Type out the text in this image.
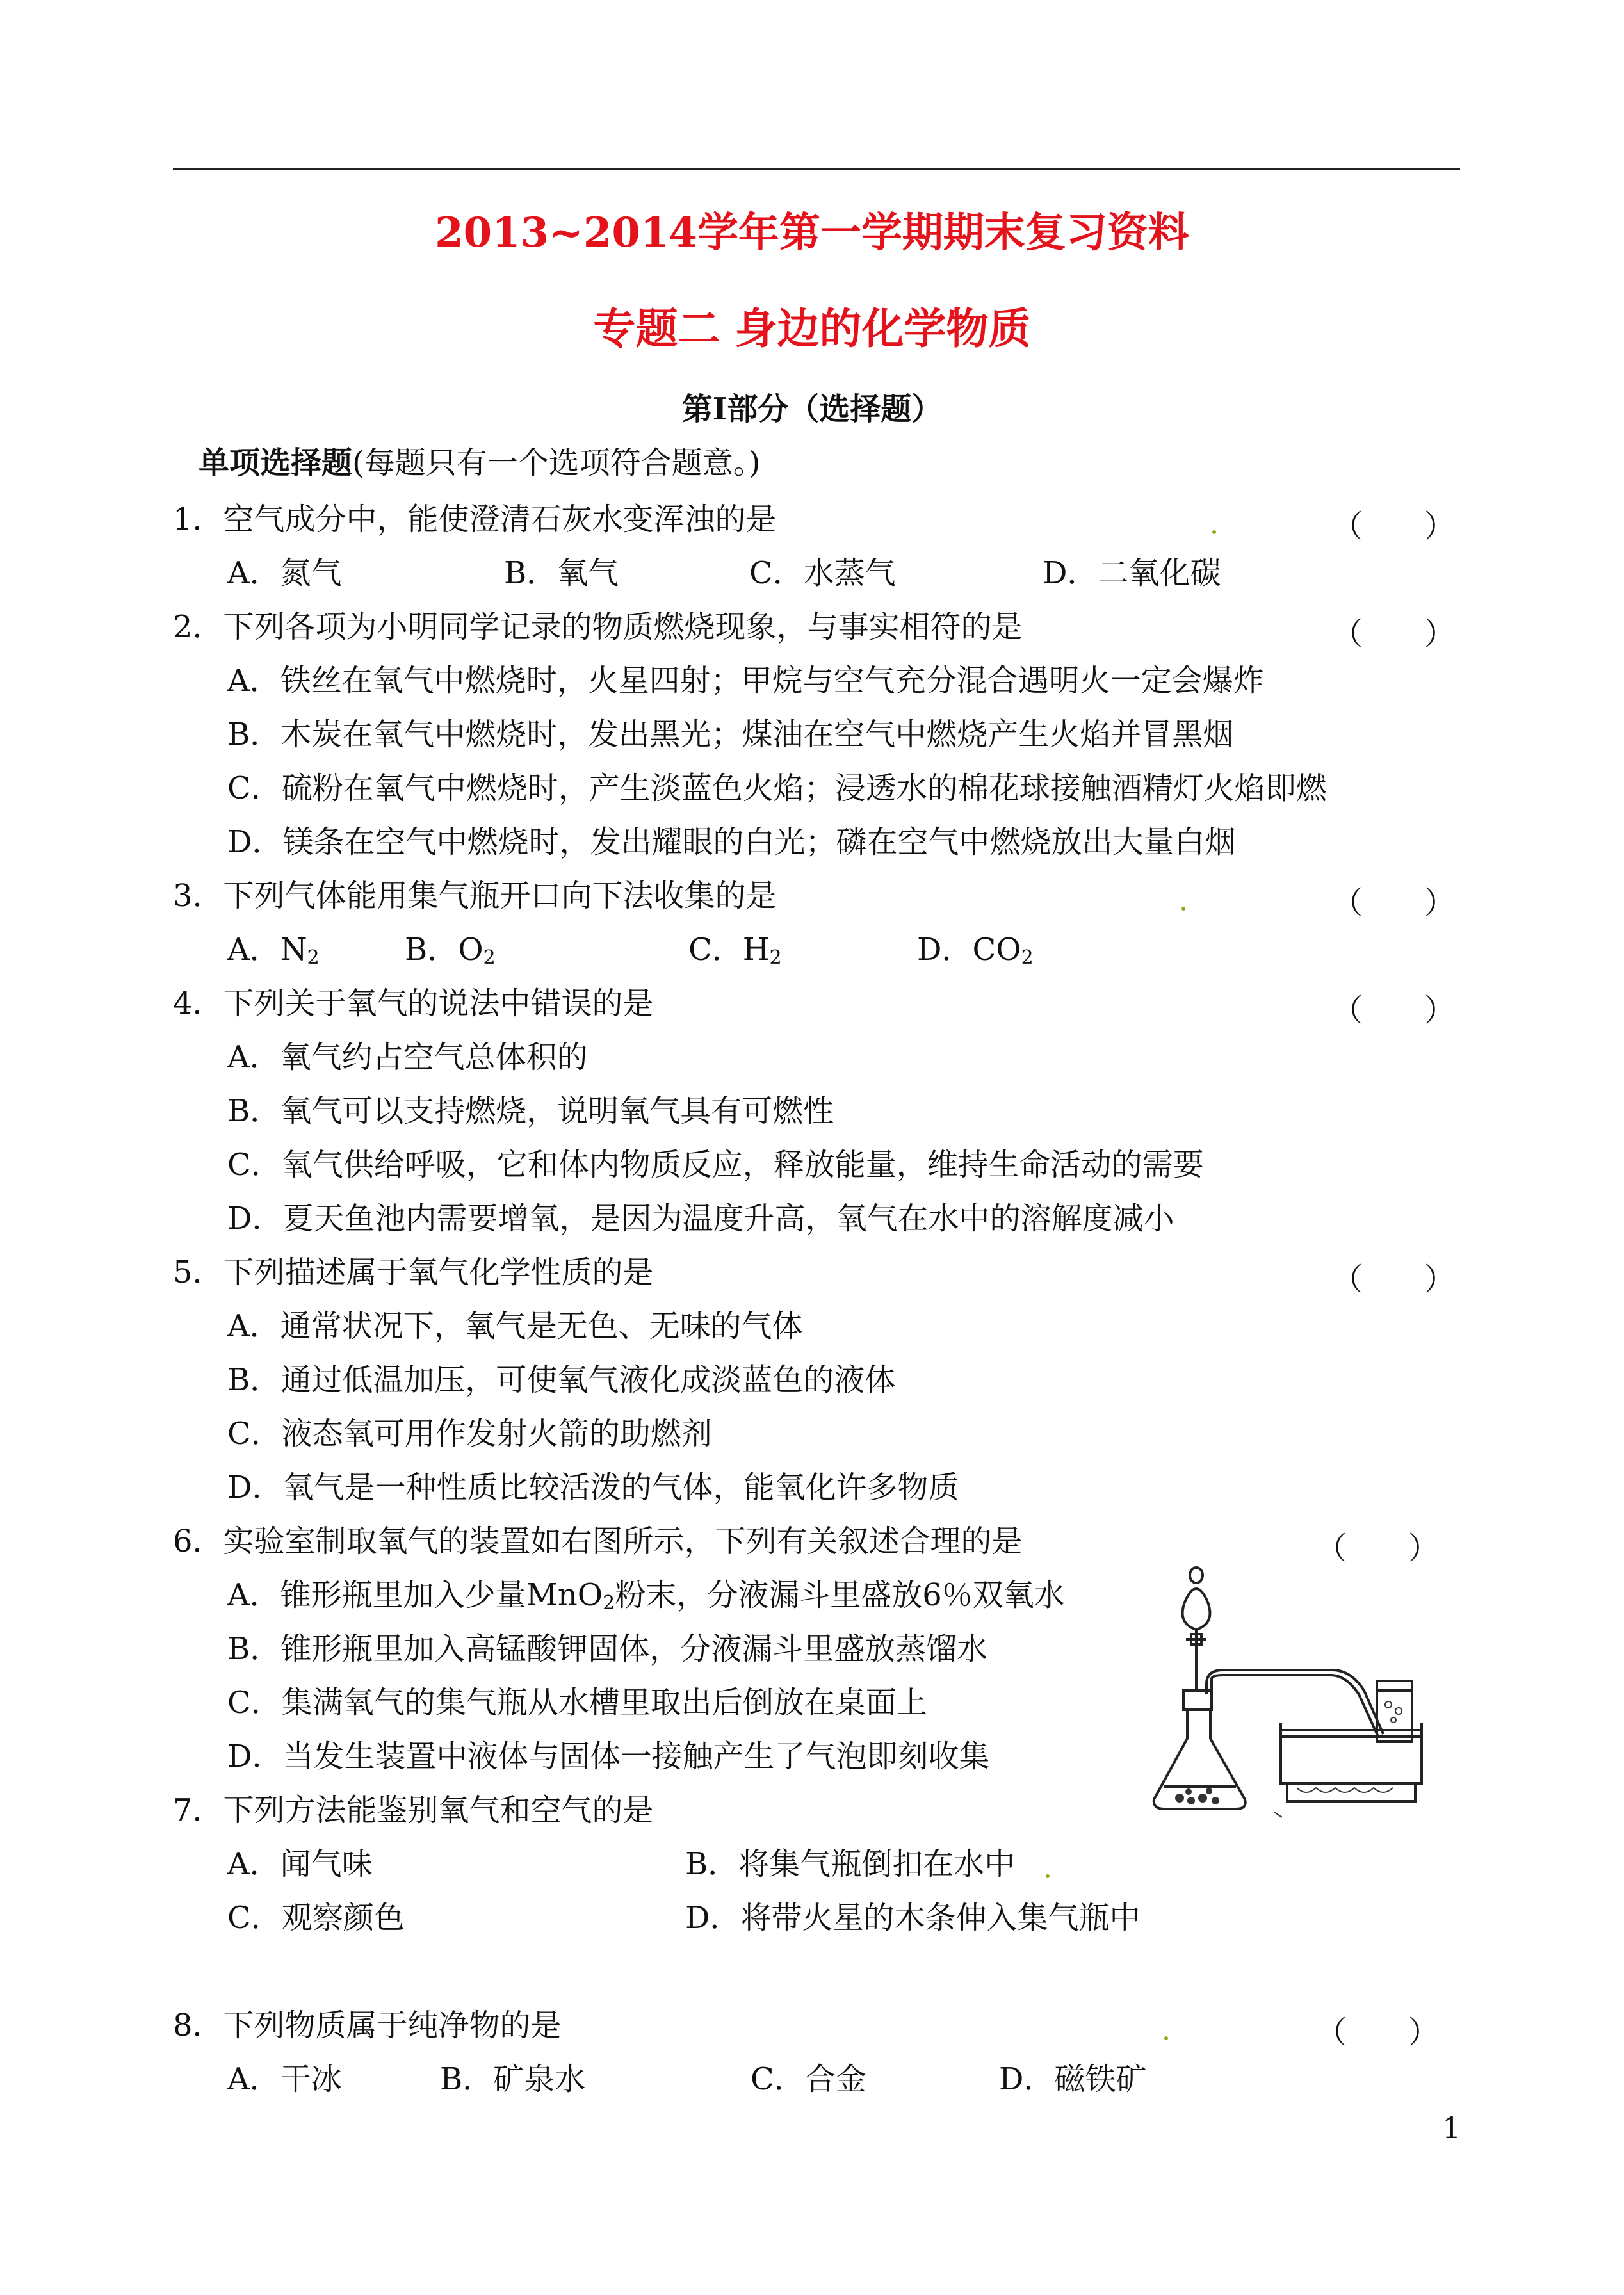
2013~2014学年第一学期期末复习资料
专题二 身边的化学物质
第Ⅰ部分（选择题）
单项选择题(每题只有一个选项符合题意。)
1．空气成分中，能使澄清石灰水变浑浊的是	（　　）
A．氮气	B．氧气	C．水蒸气	D．二氧化碳
2．下列各项为小明同学记录的物质燃烧现象，与事实相符的是	（　　）
A．铁丝在氧气中燃烧时，火星四射；甲烷与空气充分混合遇明火一定会爆炸
B．木炭在氧气中燃烧时，发出黑光；煤油在空气中燃烧产生火焰并冒黑烟
C．硫粉在氧气中燃烧时，产生淡蓝色火焰；浸透水的棉花球接触酒精灯火焰即燃
D．镁条在空气中燃烧时，发出耀眼的白光；磷在空气中燃烧放出大量白烟
3．下列气体能用集气瓶开口向下法收集的是	（　　）
A．$N_2$	B．$O_2$	C．$H_2$	D．$CO_2$
4．下列关于氧气的说法中错误的是	（　　）
A．氧气约占空气总体积的
B．氧气可以支持燃烧，说明氧气具有可燃性
C．氧气供给呼吸，它和体内物质反应，释放能量，维持生命活动的需要
D．夏天鱼池内需要增氧，是因为温度升高，氧气在水中的溶解度减小
5．下列描述属于氧气化学性质的是	（　　）
A．通常状况下，氧气是无色、无味的气体
B．通过低温加压，可使氧气液化成淡蓝色的液体
C．液态氧可用作发射火箭的助燃剂
D．氧气是一种性质比较活泼的气体，能氧化许多物质
6．实验室制取氧气的装置如右图所示，下列有关叙述合理的是	（　　）
A．锥形瓶里加入少量MnO$_2$粉末，分液漏斗里盛放6％双氧水
B．锥形瓶里加入高锰酸钾固体，分液漏斗里盛放蒸馏水
C．集满氧气的集气瓶从水槽里取出后倒放在桌面上
D．当发生装置中液体与固体一接触产生了气泡即刻收集
7．下列方法能鉴别氧气和空气的是
A．闻气味	B．将集气瓶倒扣在水中
C．观察颜色	D．将带火星的木条伸入集气瓶中
8．下列物质属于纯净物的是	（　　）
A．干冰	B．矿泉水	C．合金	D．磁铁矿
1
